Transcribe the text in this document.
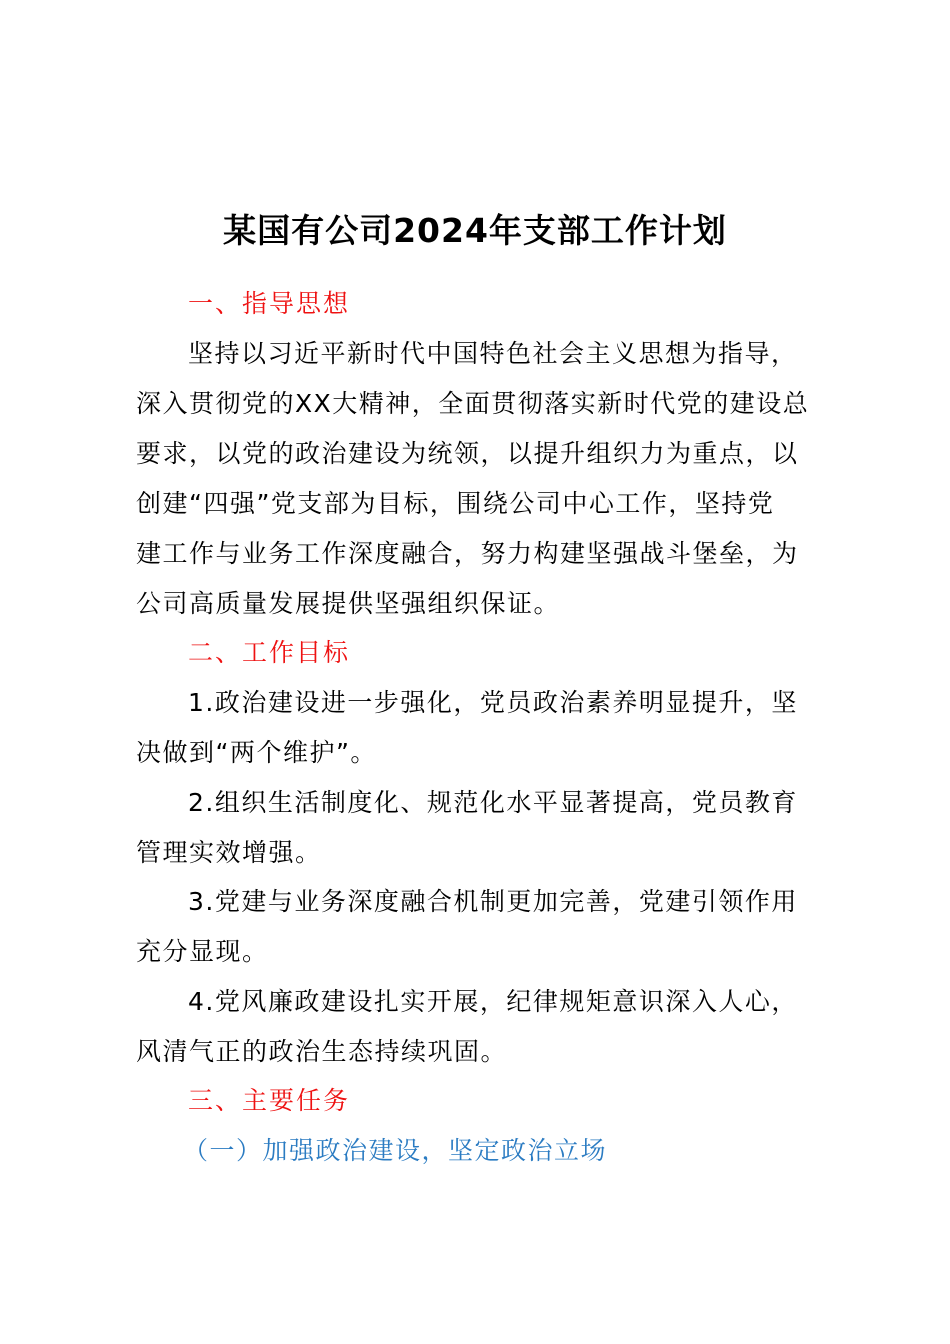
某国有公司2024年支部工作计划
一、指导思想
坚持以习近平新时代中国特色社会主义思想为指导，
深入贯彻党的XX大精神，全面贯彻落实新时代党的建设总
要求，以党的政治建设为统领，以提升组织力为重点，以
创建“四强”党支部为目标，围绕公司中心工作，坚持党
建工作与业务工作深度融合，努力构建坚强战斗堡垒，为
公司高质量发展提供坚强组织保证。
二、工作目标
1.政治建设进一步强化，党员政治素养明显提升，坚
决做到“两个维护”。
2.组织生活制度化、规范化水平显著提高，党员教育
管理实效增强。
3.党建与业务深度融合机制更加完善，党建引领作用
充分显现。
4.党风廉政建设扎实开展，纪律规矩意识深入人心，
风清气正的政治生态持续巩固。
三、主要任务
（一）加强政治建设，坚定政治立场
